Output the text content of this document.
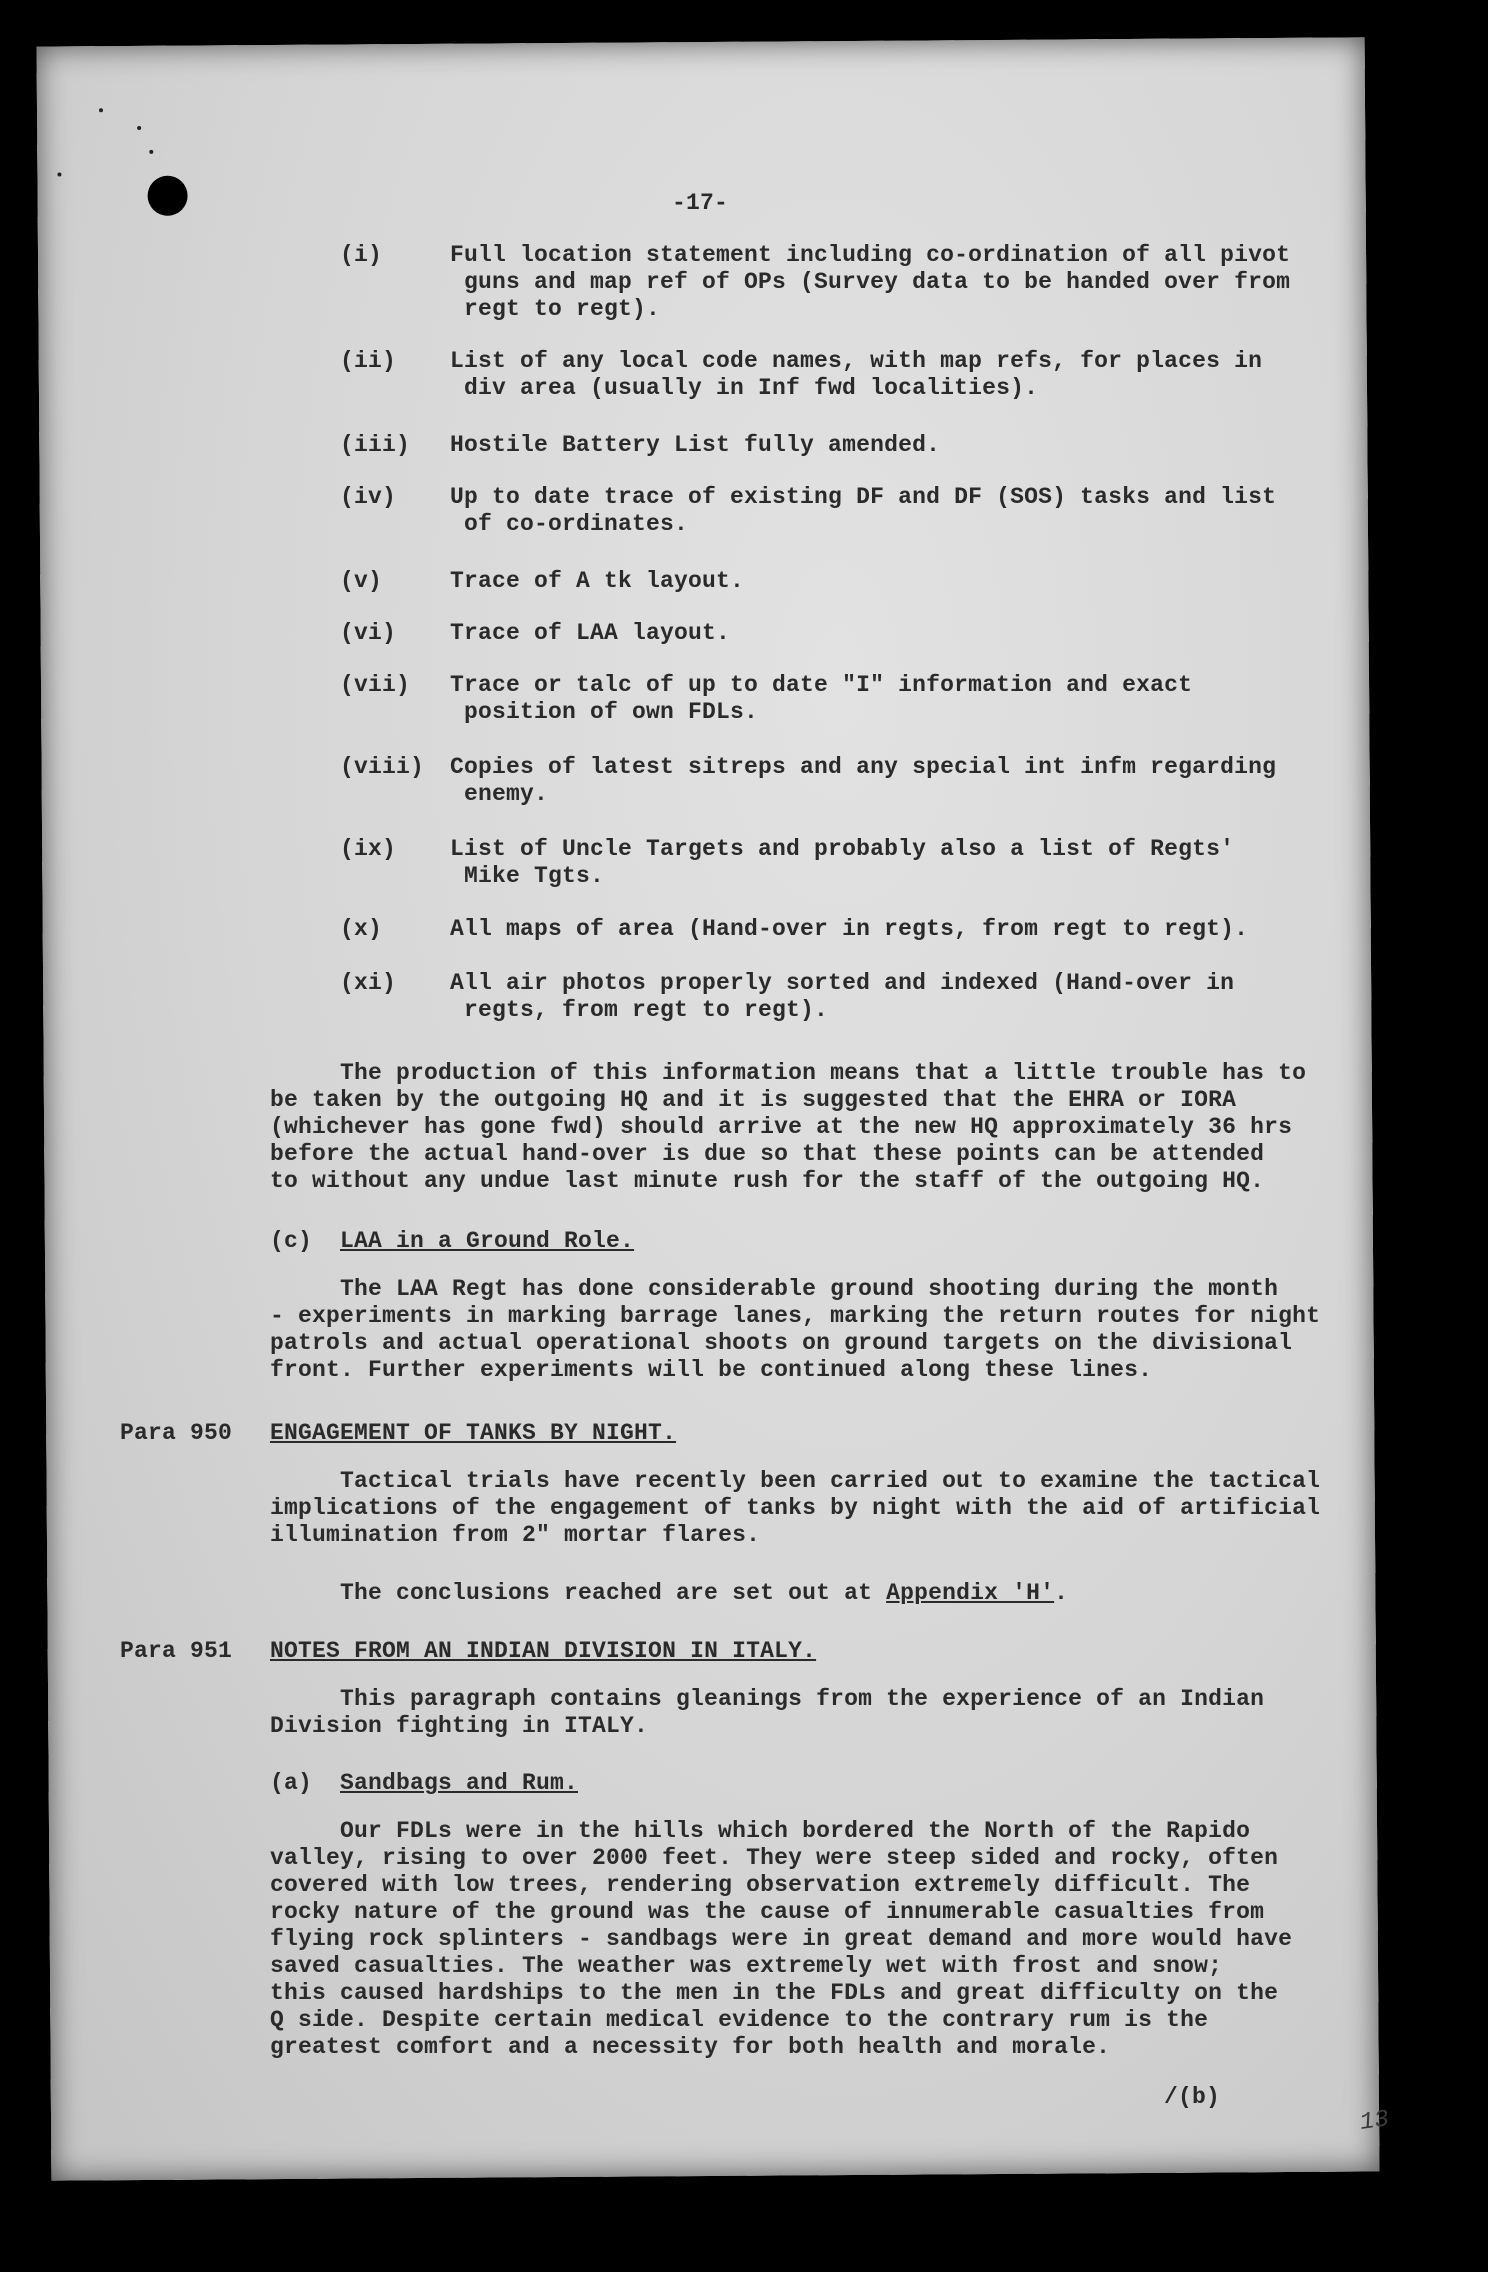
-17-
(i)	Full location statement including co-ordination of all pivot
guns and map ref of OPs (Survey data to be handed over from
regt to regt).
(ii) List of any local code names, with map refs, for places in
div area (usually in Inf fwd localities).
(iii) Hostile Battery List fully amended.
(iv) Up to date trace of existing DF and DF (SOS) tasks and list
of co-ordinates.
(v)	Trace of A tk layout.
(vi) Trace of LAA layout.
(vii) Trace or talc of up to date "I" information and exact
position of own FDLs.
(viii) Copies of latest sitreps and any special int infm regarding
enemy.
(ix) List of Uncle Targets and probably also a list of Regts'
Mike Tgts.
(x)	All maps of area (Hand-over in regts, from regt to regt).
(xi) All air photos properly sorted and indexed (Hand-over in
regts, from regt to regt).
The production of this information means that a little trouble has to
be taken by the outgoing HQ and it is suggested that the EHRA or IORA
(whichever has gone fwd) should arrive at the new HQ approximately 36 hrs
before the actual hand-over is due so that these points can be attended
to without any undue last minute rush for the staff of the outgoing HQ.
(c) LAA in a Ground Role.
The LAA Regt has done considerable ground shooting during the month
- experiments in marking barrage lanes, marking the return routes for night
patrols and actual operational shoots on ground targets on the divisional
front. Further experiments will be continued along these lines.
Para 950 ENGAGEMENT OF TANKS BY NIGHT.
Tactical trials have recently been carried out to examine the tactical
implications of the engagement of tanks by night with the aid of artificial
illumination from 2" mortar flares.
The conclusions reached are set out at Appendix 'H'.
Para 951 NOTES FROM AN INDIAN DIVISION IN ITALY.
This paragraph contains gleanings from the experience of an Indian
Division fighting in ITALY.
(a) Sandbags and Rum.
Our FDLs were in the hills which bordered the North of the Rapido
valley, rising to over 2000 feet. They were steep sided and rocky, often
covered with low trees, rendering observation extremely difficult. The
rocky nature of the ground was the cause of innumerable casualties from
flying rock splinters - sandbags were in great demand and more would have
saved casualties. The weather was extremely wet with frost and snow;
this caused hardships to the men in the FDLs and great difficulty on the
Q side. Despite certain medical evidence to the contrary rum is the
greatest comfort and a necessity for both health and morale.
/(b)
13
